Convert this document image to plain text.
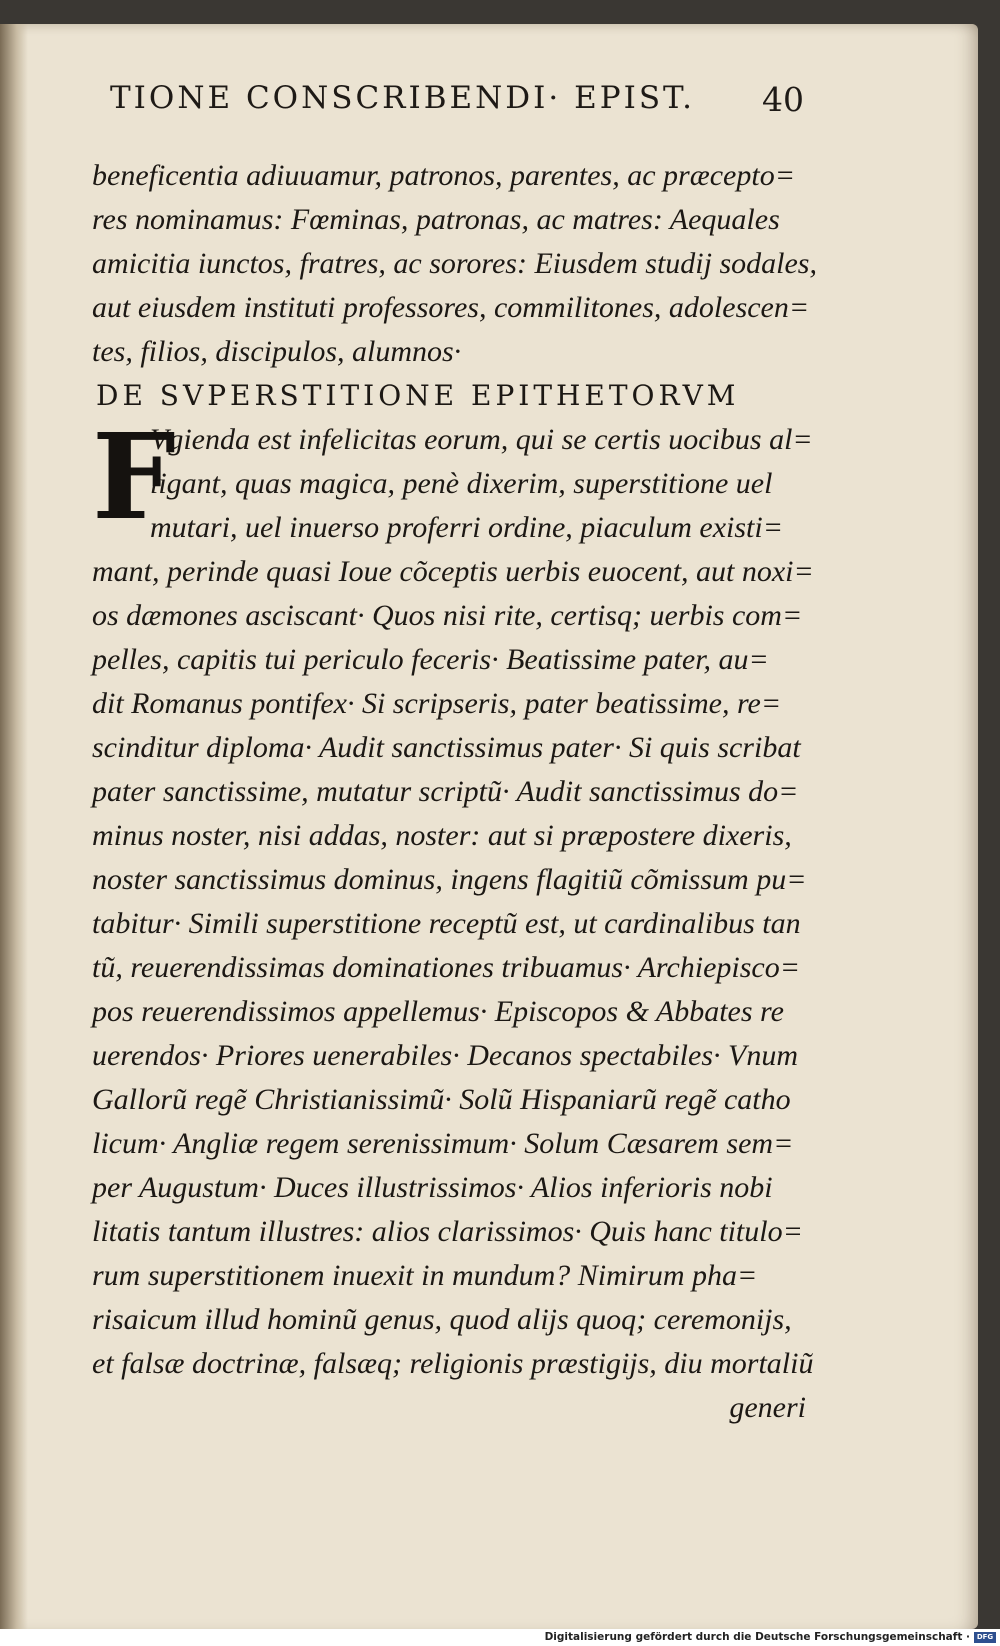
TIONE CONSCRIBENDI· EPIST. 40
beneficentia adiuuamur, patronos, parentes, ac præcepto=
res nominamus: Fœminas, patronas, ac matres: Aequales
amicitia iunctos, fratres, ac sorores: Eiusdem studij sodales,
aut eiusdem instituti professores, commilitones, adolescen=
tes, filios, discipulos, alumnos·
DE SVPERSTITIONE EPITHETORVM
Vgienda est infelicitas eorum, qui se certis uocibus al=
ligant, quas magica, penè dixerim, superstitione uel
mutari, uel inuerso proferri ordine, piaculum existi=
mant, perinde quasi Ioue cõceptis uerbis euocent, aut noxi=
os dæmones asciscant· Quos nisi rite, certisq; uerbis com=
pelles, capitis tui periculo feceris· Beatissime pater, au=
dit Romanus pontifex· Si scripseris, pater beatissime, re=
scinditur diploma· Audit sanctissimus pater· Si quis scribat
pater sanctissime, mutatur scriptũ· Audit sanctissimus do=
minus noster, nisi addas, noster: aut si præpostere dixeris,
noster sanctissimus dominus, ingens flagitiũ cõmissum pu=
tabitur· Simili superstitione receptũ est, ut cardinalibus tan
tũ, reuerendissimas dominationes tribuamus· Archiepisco=
pos reuerendissimos appellemus· Episcopos & Abbates re
uerendos· Priores uenerabiles· Decanos spectabiles· Vnum
Gallorũ regẽ Christianissimũ· Solũ Hispaniarũ regẽ catho
licum· Angliæ regem serenissimum· Solum Cæsarem sem=
per Augustum· Duces illustrissimos· Alios inferioris nobi
litatis tantum illustres: alios clarissimos· Quis hanc titulo=
rum superstitionem inuexit in mundum? Nimirum pha=
risaicum illud hominũ genus, quod alijs quoq; ceremonijs,
et falsæ doctrinæ, falsæq; religionis præstigijs, diu mortaliũ
generi
F
Digitalisierung gefördert durch die Deutsche Forschungsgemeinschaft · DFG
